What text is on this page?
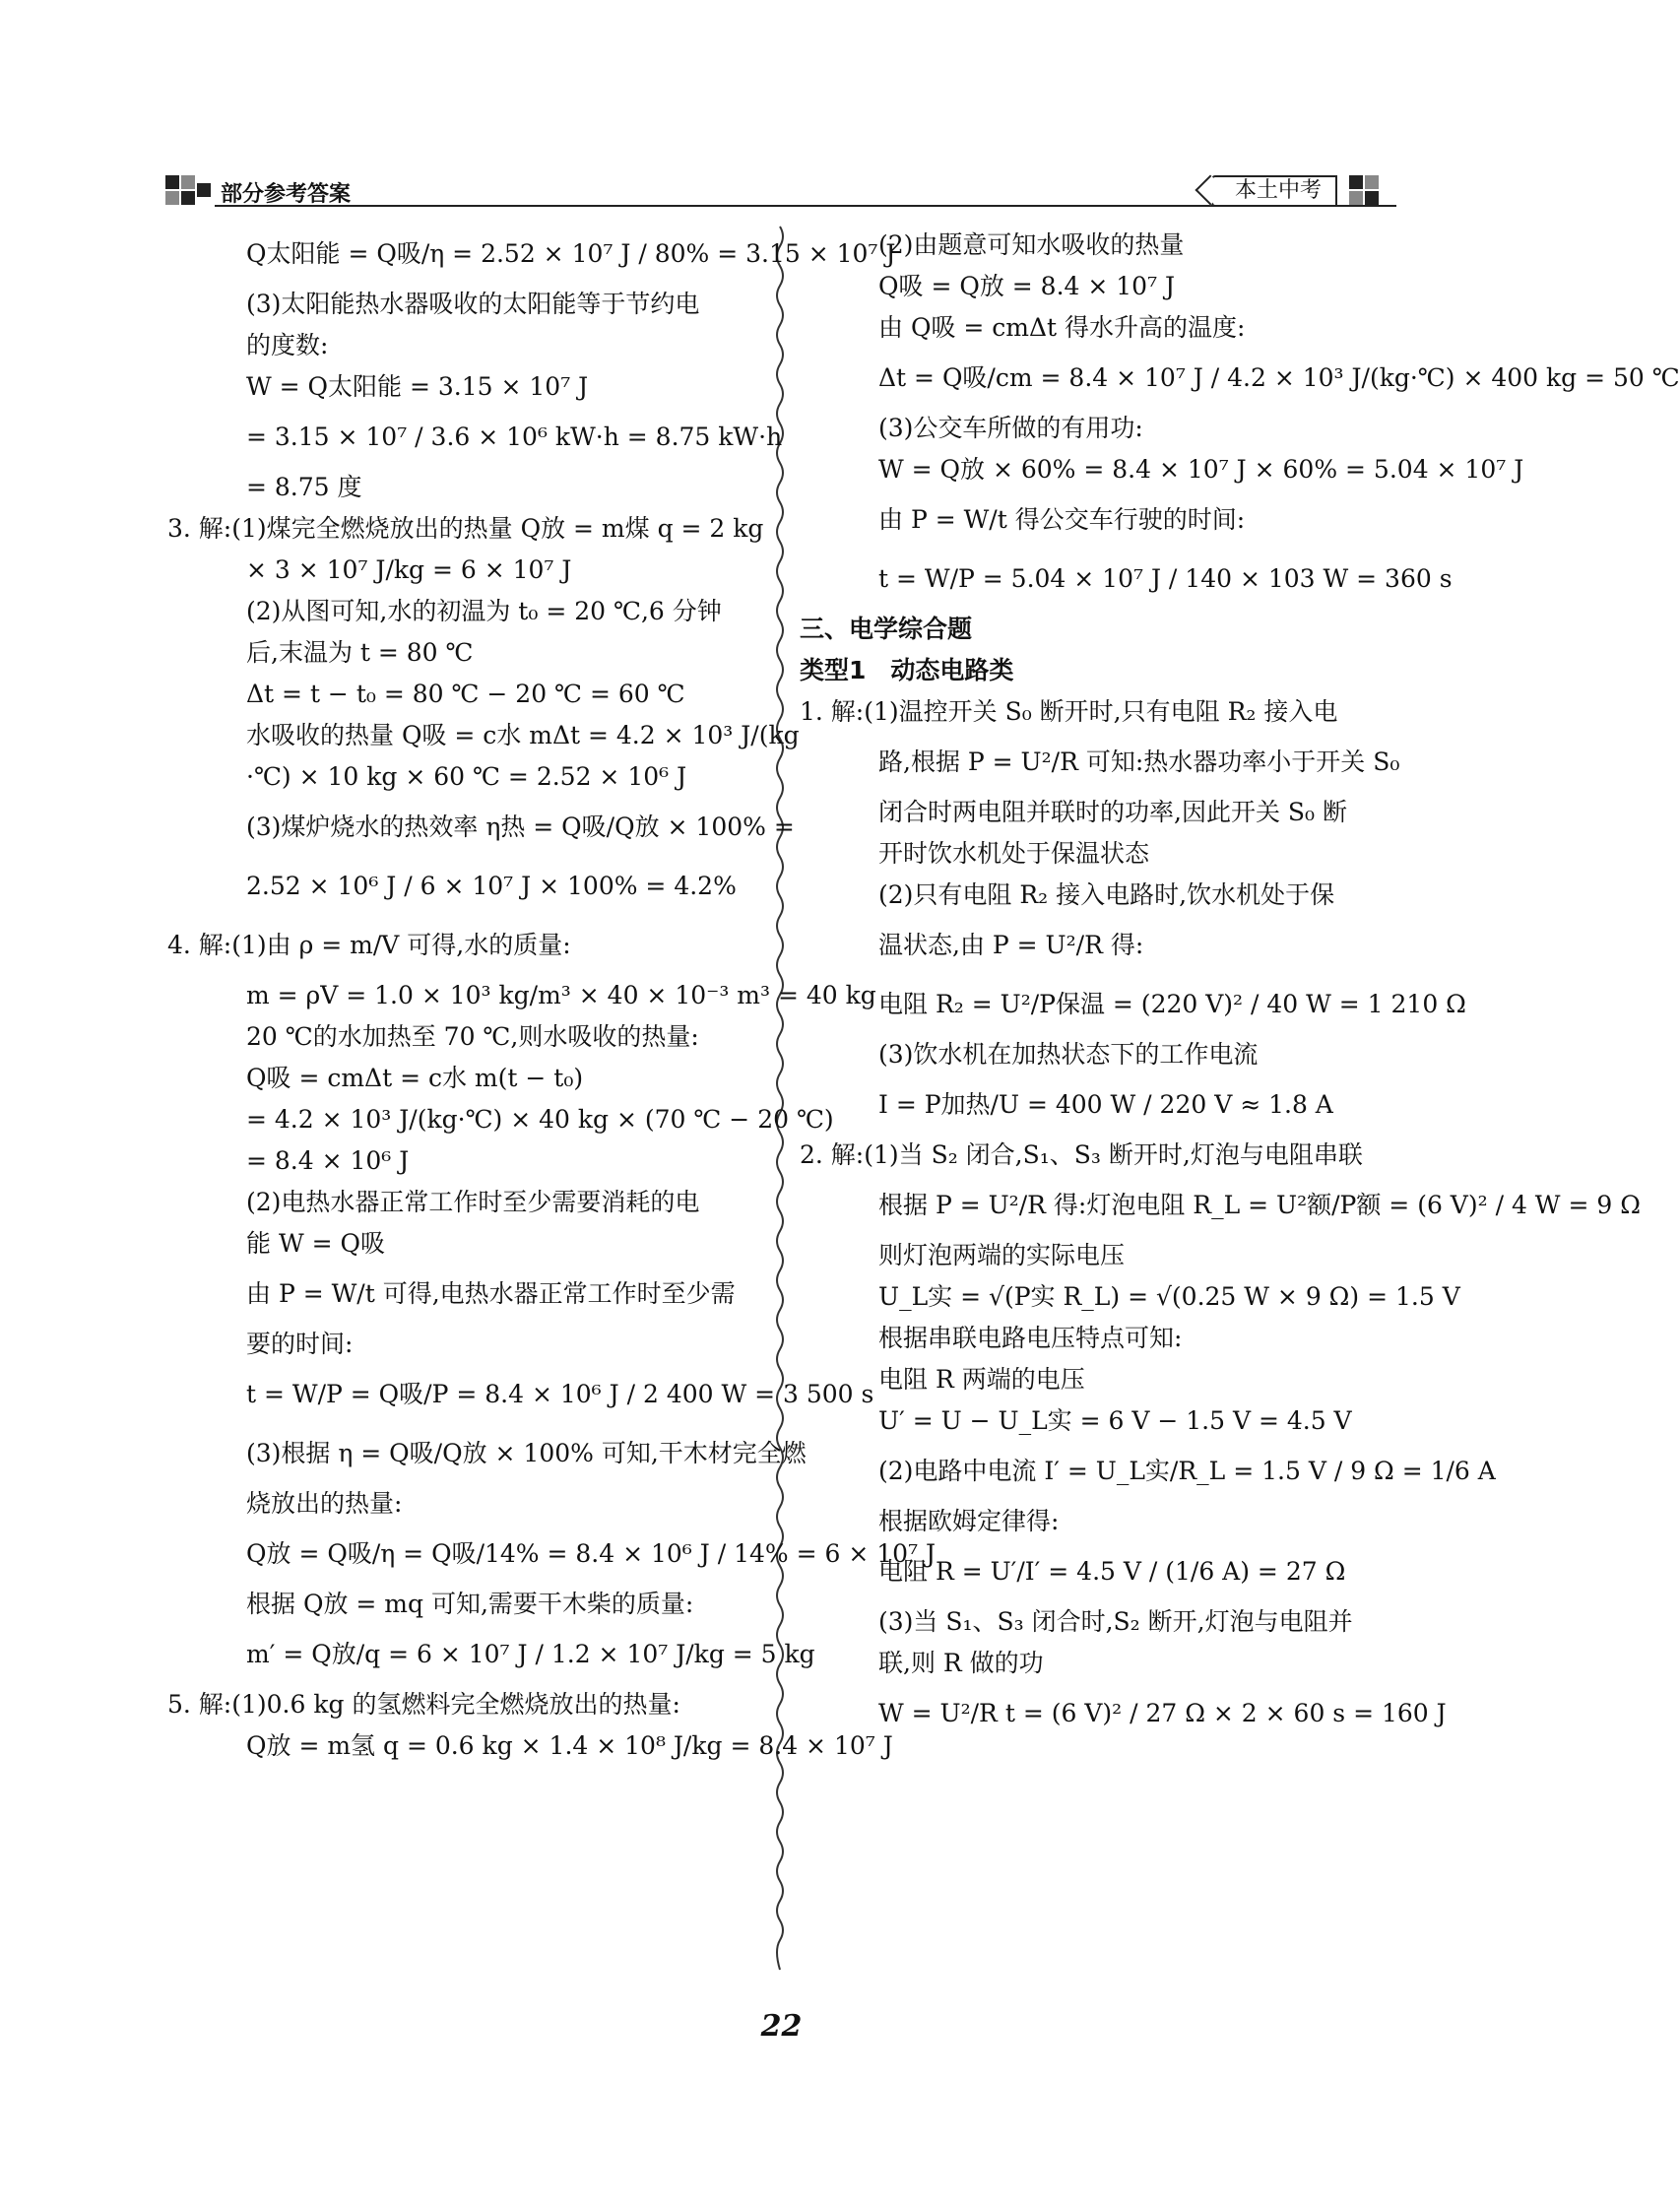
部分参考答案	本土中考
Q太阳能 = Q吸/η = 2.52 × 10⁷ J / 80% = 3.15 × 10⁷ J
(3)太阳能热水器吸收的太阳能等于节约电
的度数:
W = Q太阳能 = 3.15 × 10⁷ J
= 3.15 × 10⁷ / 3.6 × 10⁶ kW·h = 8.75 kW·h
= 8.75 度
3. 解:(1)煤完全燃烧放出的热量 Q放 = m煤 q = 2 kg
× 3 × 10⁷ J/kg = 6 × 10⁷ J
(2)从图可知,水的初温为 t₀ = 20 ℃,6 分钟
后,末温为 t = 80 ℃
Δt = t − t₀ = 80 ℃ − 20 ℃ = 60 ℃
水吸收的热量 Q吸 = c水 mΔt = 4.2 × 10³ J/(kg
·℃) × 10 kg × 60 ℃ = 2.52 × 10⁶ J
(3)煤炉烧水的热效率 η热 = Q吸/Q放 × 100% =
2.52 × 10⁶ J / 6 × 10⁷ J × 100% = 4.2%
4. 解:(1)由 ρ = m/V 可得,水的质量:
m = ρV = 1.0 × 10³ kg/m³ × 40 × 10⁻³ m³ = 40 kg
20 ℃的水加热至 70 ℃,则水吸收的热量:
Q吸 = cmΔt = c水 m(t − t₀)
= 4.2 × 10³ J/(kg·℃) × 40 kg × (70 ℃ − 20 ℃)
= 8.4 × 10⁶ J
(2)电热水器正常工作时至少需要消耗的电
能 W = Q吸
由 P = W/t 可得,电热水器正常工作时至少需
要的时间:
t = W/P = Q吸/P = 8.4 × 10⁶ J / 2 400 W = 3 500 s
(3)根据 η = Q吸/Q放 × 100% 可知,干木材完全燃
烧放出的热量:
Q放 = Q吸/η = Q吸/14% = 8.4 × 10⁶ J / 14% = 6 × 10⁷ J
根据 Q放 = mq 可知,需要干木柴的质量:
m′ = Q放/q = 6 × 10⁷ J / 1.2 × 10⁷ J/kg = 5 kg
5. 解:(1)0.6 kg 的氢燃料完全燃烧放出的热量:
Q放 = m氢 q = 0.6 kg × 1.4 × 10⁸ J/kg = 8.4 × 10⁷ J
(2)由题意可知水吸收的热量
Q吸 = Q放 = 8.4 × 10⁷ J
由 Q吸 = cmΔt 得水升高的温度:
Δt = Q吸/cm = 8.4 × 10⁷ J / 4.2 × 10³ J/(kg·℃) × 400 kg = 50 ℃
(3)公交车所做的有用功:
W = Q放 × 60% = 8.4 × 10⁷ J × 60% = 5.04 × 10⁷ J
由 P = W/t 得公交车行驶的时间:
t = W/P = 5.04 × 10⁷ J / 140 × 103 W = 360 s
三、电学综合题
类型1　动态电路类
1. 解:(1)温控开关 S₀ 断开时,只有电阻 R₂ 接入电
路,根据 P = U²/R 可知:热水器功率小于开关 S₀
闭合时两电阻并联时的功率,因此开关 S₀ 断
开时饮水机处于保温状态
(2)只有电阻 R₂ 接入电路时,饮水机处于保
温状态,由 P = U²/R 得:
电阻 R₂ = U²/P保温 = (220 V)² / 40 W = 1 210 Ω
(3)饮水机在加热状态下的工作电流
I = P加热/U = 400 W / 220 V ≈ 1.8 A
2. 解:(1)当 S₂ 闭合,S₁、S₃ 断开时,灯泡与电阻串联
根据 P = U²/R 得:灯泡电阻 R_L = U²额/P额 = (6 V)² / 4 W = 9 Ω
则灯泡两端的实际电压
U_L实 = √(P实 R_L) = √(0.25 W × 9 Ω) = 1.5 V
根据串联电路电压特点可知:
电阻 R 两端的电压
U′ = U − U_L实 = 6 V − 1.5 V = 4.5 V
(2)电路中电流 I′ = U_L实/R_L = 1.5 V / 9 Ω = 1/6 A
根据欧姆定律得:
电阻 R = U′/I′ = 4.5 V / (1/6 A) = 27 Ω
(3)当 S₁、S₃ 闭合时,S₂ 断开,灯泡与电阻并
联,则 R 做的功
W = U²/R t = (6 V)² / 27 Ω × 2 × 60 s = 160 J
22
